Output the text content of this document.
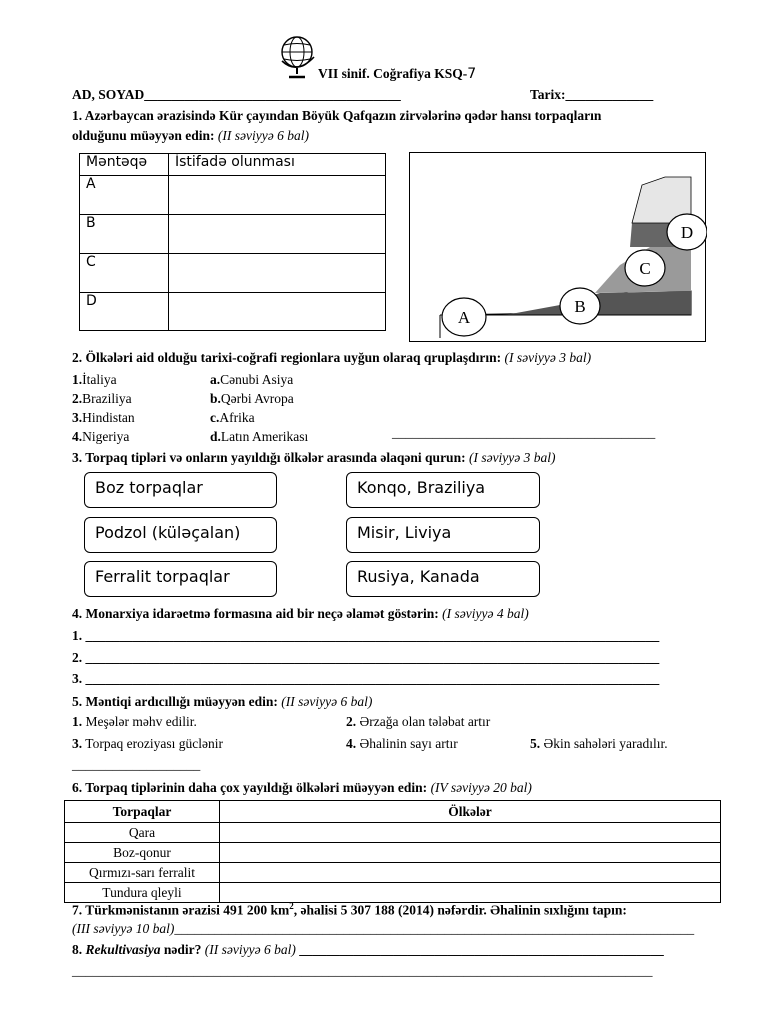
VII sinif. Coğrafiya KSQ-7
AD, SOYAD______________________________________	Tarix:_____________
1. Azərbaycan ərazisində Kür çayından Böyük Qafqazın zirvələrinə qədər hansı torpaqların
olduğunu müəyyən edin: (II səviyyə 6 bal)
Məntəqə	İstifadə olunması
A	
B	
C	
D	
A
B
C
D
2. Ölkələri aid olduğu tarixi-coğrafi regionlara uyğun olaraq qruplaşdırın: (I səviyyə 3 bal)
1.İtaliya
2.Braziliya
3.Hindistan
4.Nigeriya
a.Cənubi Asiya
b.Qərbi Avropa
c.Afrika
d.Latın Amerikası	_______________________________________
3. Torpaq tipləri və onların yayıldığı ölkələr arasında əlaqəni qurun: (I səviyyə 3 bal)
Boz torpaqlar
Podzol (küləçalan)
Ferralit torpaqlar
Konqo, Braziliya
Misir, Liviya
Rusiya, Kanada
4. Monarxiya idarəetmə formasına aid bir neçə əlamət göstərin: (I səviyyə 4 bal)
1. _____________________________________________________________________________________
2. _____________________________________________________________________________________
3. _____________________________________________________________________________________
5. Məntiqi ardıcıllığı müəyyən edin: (II səviyyə 6 bal)
1. Meşələr məhv edilir.	2. Ərzağa olan tələbat artır
3. Torpaq eroziyası güclənir	4. Əhalinin sayı artır	5. Əkin sahələri yaradılır.
___________________
6. Torpaq tiplərinin daha çox yayıldığı ölkələri müəyyən edin: (IV səviyyə 20 bal)
Torpaqlar	Ölkələr
Qara	
Boz-qonur	
Qırmızı-sarı ferralit	
Tundura qleyli	
7. Türkmənistanın ərazisi 491 200 $km^2$, əhalisi 5 307 188 (2014) nəfərdir. Əhalinin sıxlığını tapın:
(III səviyyə 10 bal)_____________________________________________________________________________
8. Rekultivasiya nədir? (II səviyyə 6 bal) ______________________________________________________
______________________________________________________________________________________
